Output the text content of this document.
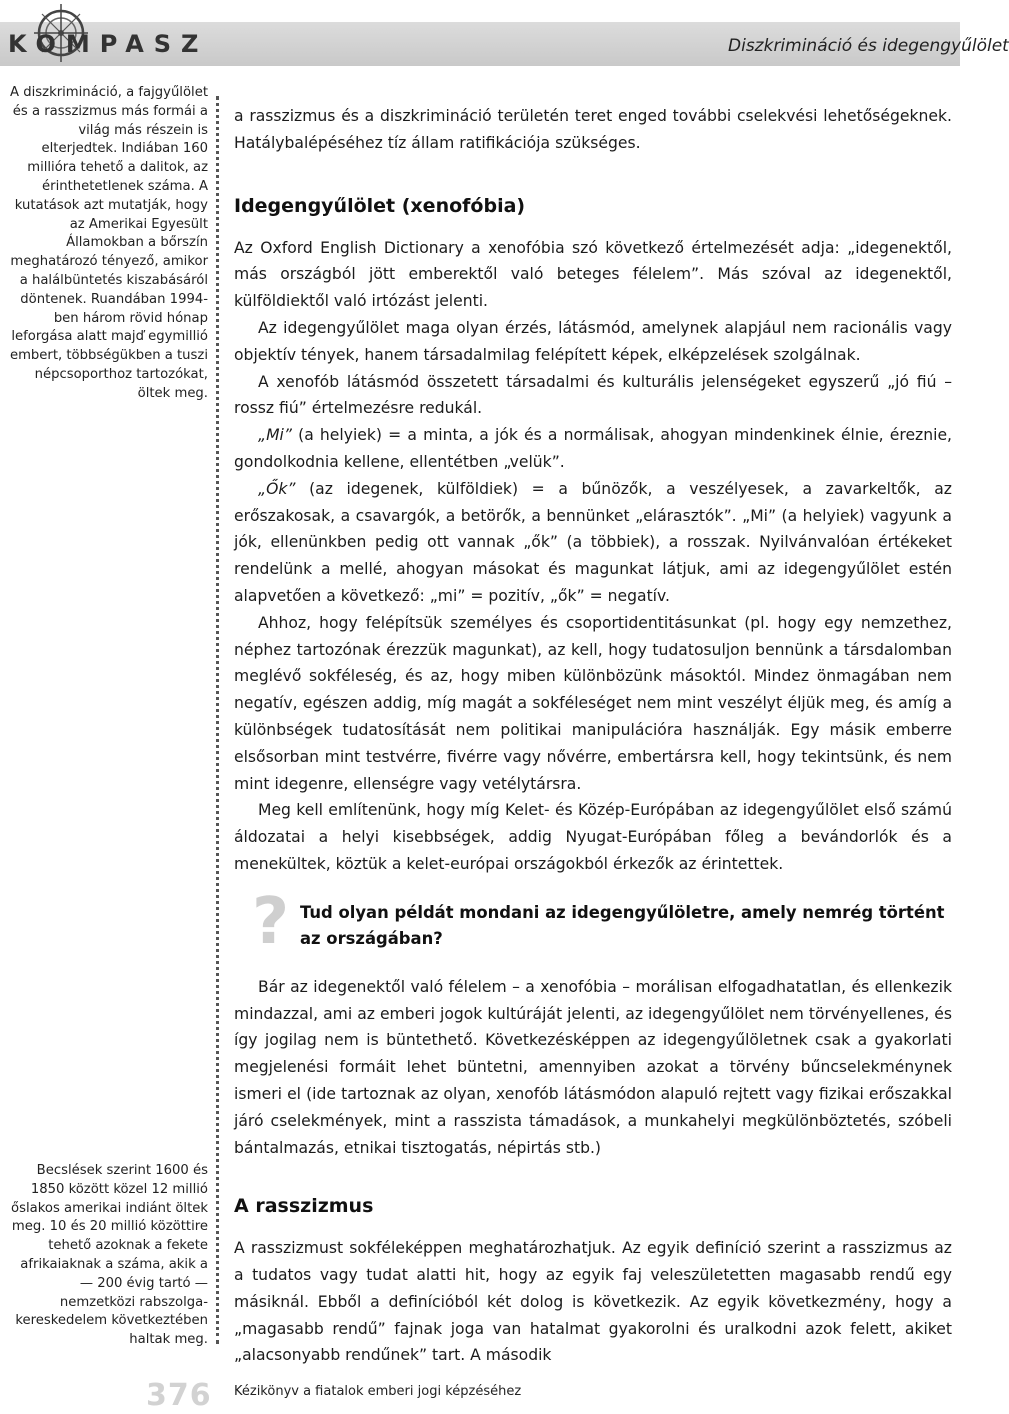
KOMPASZ	Diszkrimináció és idegengyűlölet
A diszkrimináció, a fajgyűlölet és a rasszizmus más formái a világ más részein is elterjedtek. Indiában 160 millióra tehető a dalitok, az érinthetetlenek száma. A kutatások azt mutatják, hogy az Amerikai Egyesült Államokban a bőrszín meghatározó tényező, amikor a halálbüntetés kiszabásáról döntenek. Ruandában 1994-ben három rövid hónap leforgása alatt majď egymillió embert, többségükben a tuszi népcsoporthoz tartozókat, öltek meg.
Becslések szerint 1600 és 1850 között közel 12 millió őslakos amerikai indiánt öltek meg. 10 és 20 millió közöttire tehető azoknak a fekete afrikaiaknak a száma, akik a — 200 évig tartó — nemzetközi rabszolga-kereskedelem következtében haltak meg.

a rasszizmus és a diszkrimináció területén teret enged további cselekvési lehetőségeknek. Hatálybalépéséhez tíz állam ratifikációja szükséges.

Idegengyűlölet (xenofóbia)

Az Oxford English Dictionary a xenofóbia szó következő értelmezését adja: „idegenektől, más országból jött emberektől való beteges félelem”. Más szóval az idegenektől, külföldiektől való irtózást jelenti.

Az idegengyűlölet maga olyan érzés, látásmód, amelynek alapjául nem racionális vagy objektív tények, hanem társadalmilag felépített képek, elképzelések szolgálnak.

A xenofób látásmód összetett társadalmi és kulturális jelenségeket egyszerű „jó fiú – rossz fiú” értelmezésre redukál.

„Mi” (a helyiek) = a minta, a jók és a normálisak, ahogyan mindenkinek élnie, éreznie, gondolkodnia kellene, ellentétben „velük”.

„Ők” (az idegenek, külföldiek) = a bűnözők, a veszélyesek, a zavarkeltők, az erőszakosak, a csavargók, a betörők, a bennünket „elárasztók”. „Mi” (a helyiek) vagyunk a jók, ellenünkben pedig ott vannak „ők” (a többiek), a rosszak. Nyilvánvalóan értékeket rendelünk a mellé, ahogyan másokat és magunkat látjuk, ami az idegengyűlölet estén alapvetően a következő: „mi” = pozitív, „ők” = negatív.

Ahhoz, hogy felépítsük személyes és csoportidentitásunkat (pl. hogy egy nemzethez, néphez tartozónak érezzük magunkat), az kell, hogy tudatosuljon bennünk a társdalomban meglévő sokféleség, és az, hogy miben különbözünk másoktól. Mindez önmagában nem negatív, egészen addig, míg magát a sokféleséget nem mint veszélyt éljük meg, és amíg a különbségek tudatosítását nem politikai manipulációra használják. Egy másik emberre elsősorban mint testvérre, fivérre vagy nővérre, embertársra kell, hogy tekintsünk, és nem mint idegenre, ellenségre vagy vetélytársra.

Meg kell említenünk, hogy míg Kelet- és Közép-Európában az idegengyűlölet első számú áldozatai a helyi kisebbségek, addig Nyugat-Európában főleg a bevándorlók és a menekültek, köztük a kelet-európai országokból érkezők az érintettek.

? Tud olyan példát mondani az idegengyűlöletre, amely nemrég történt az országában?

Bár az idegenektől való félelem – a xenofóbia – morálisan elfogadhatatlan, és ellenkezik mindazzal, ami az emberi jogok kultúráját jelenti, az idegengyűlölet nem törvényellenes, és így jogilag nem is büntethető. Következésképpen az idegengyűlöletnek csak a gyakorlati megjelenési formáit lehet büntetni, amennyiben azokat a törvény bűncselekménynek ismeri el (ide tartoznak az olyan, xenofób látásmódon alapuló rejtett vagy fizikai erőszakkal járó cselekmények, mint a rasszista támadások, a munkahelyi megkülönböztetés, szóbeli bántalmazás, etnikai tisztogatás, népirtás stb.)

A rasszizmus

A rasszizmust sokféleképpen meghatározhatjuk. Az egyik definíció szerint a rasszizmus az a tudatos vagy tudat alatti hit, hogy az egyik faj veleszületetten magasabb rendű egy másiknál. Ebből a definícióból két dolog is következik. Az egyik következmény, hogy a „magasabb rendű” fajnak joga van hatalmat gyakorolni és uralkodni azok felett, akiket „alacsonyabb rendűnek” tart. A második

376 Kézikönyv a fiatalok emberi jogi képzéséhez
